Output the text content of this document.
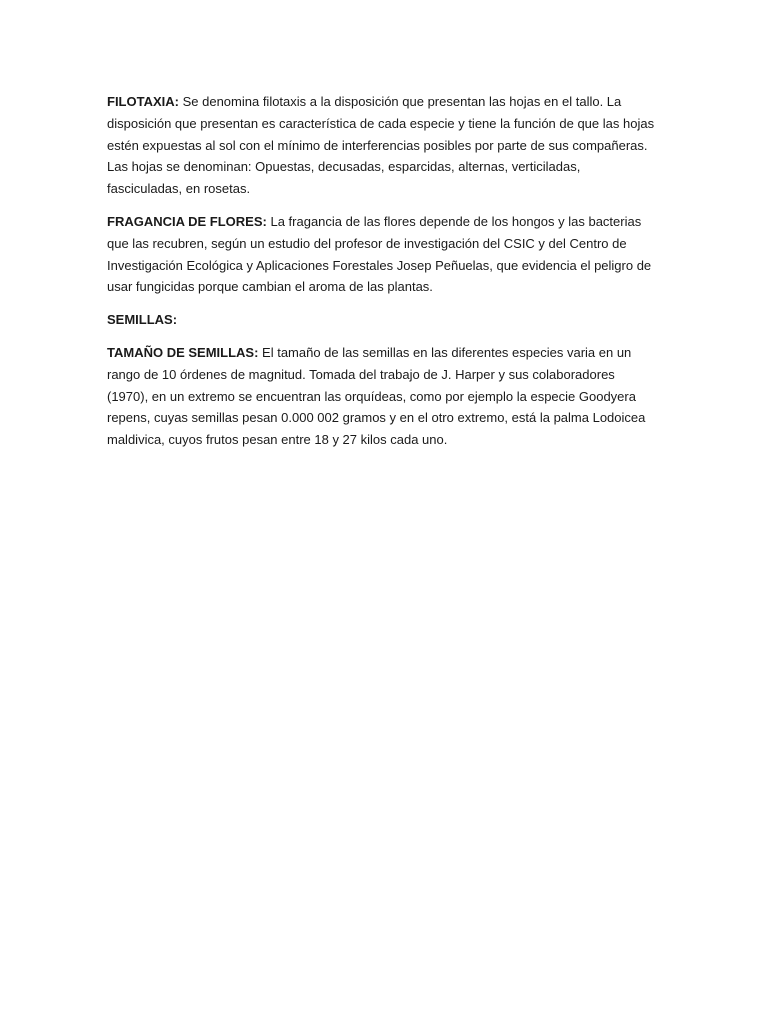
FILOTAXIA: Se denomina filotaxis a la disposición que presentan las hojas en el tallo. La disposición que presentan es característica de cada especie y tiene la función de que las hojas estén expuestas al sol con el mínimo de interferencias posibles por parte de sus compañeras. Las hojas se denominan: Opuestas, decusadas, esparcidas, alternas, verticiladas, fasciculadas, en rosetas.

FRAGANCIA DE FLORES: La fragancia de las flores depende de los hongos y las bacterias que las recubren, según un estudio del profesor de investigación del CSIC y del Centro de Investigación Ecológica y Aplicaciones Forestales Josep Peñuelas, que evidencia el peligro de usar fungicidas porque cambian el aroma de las plantas.

SEMILLAS:

TAMAÑO DE SEMILLAS: El tamaño de las semillas en las diferentes especies varia en un rango de 10 órdenes de magnitud. Tomada del trabajo de J. Harper y sus colaboradores (1970), en un extremo se encuentran las orquídeas, como por ejemplo la especie Goodyera repens, cuyas semillas pesan 0.000 002 gramos y en el otro extremo, está la palma Lodoicea maldivica, cuyos frutos pesan entre 18 y 27 kilos cada uno.
